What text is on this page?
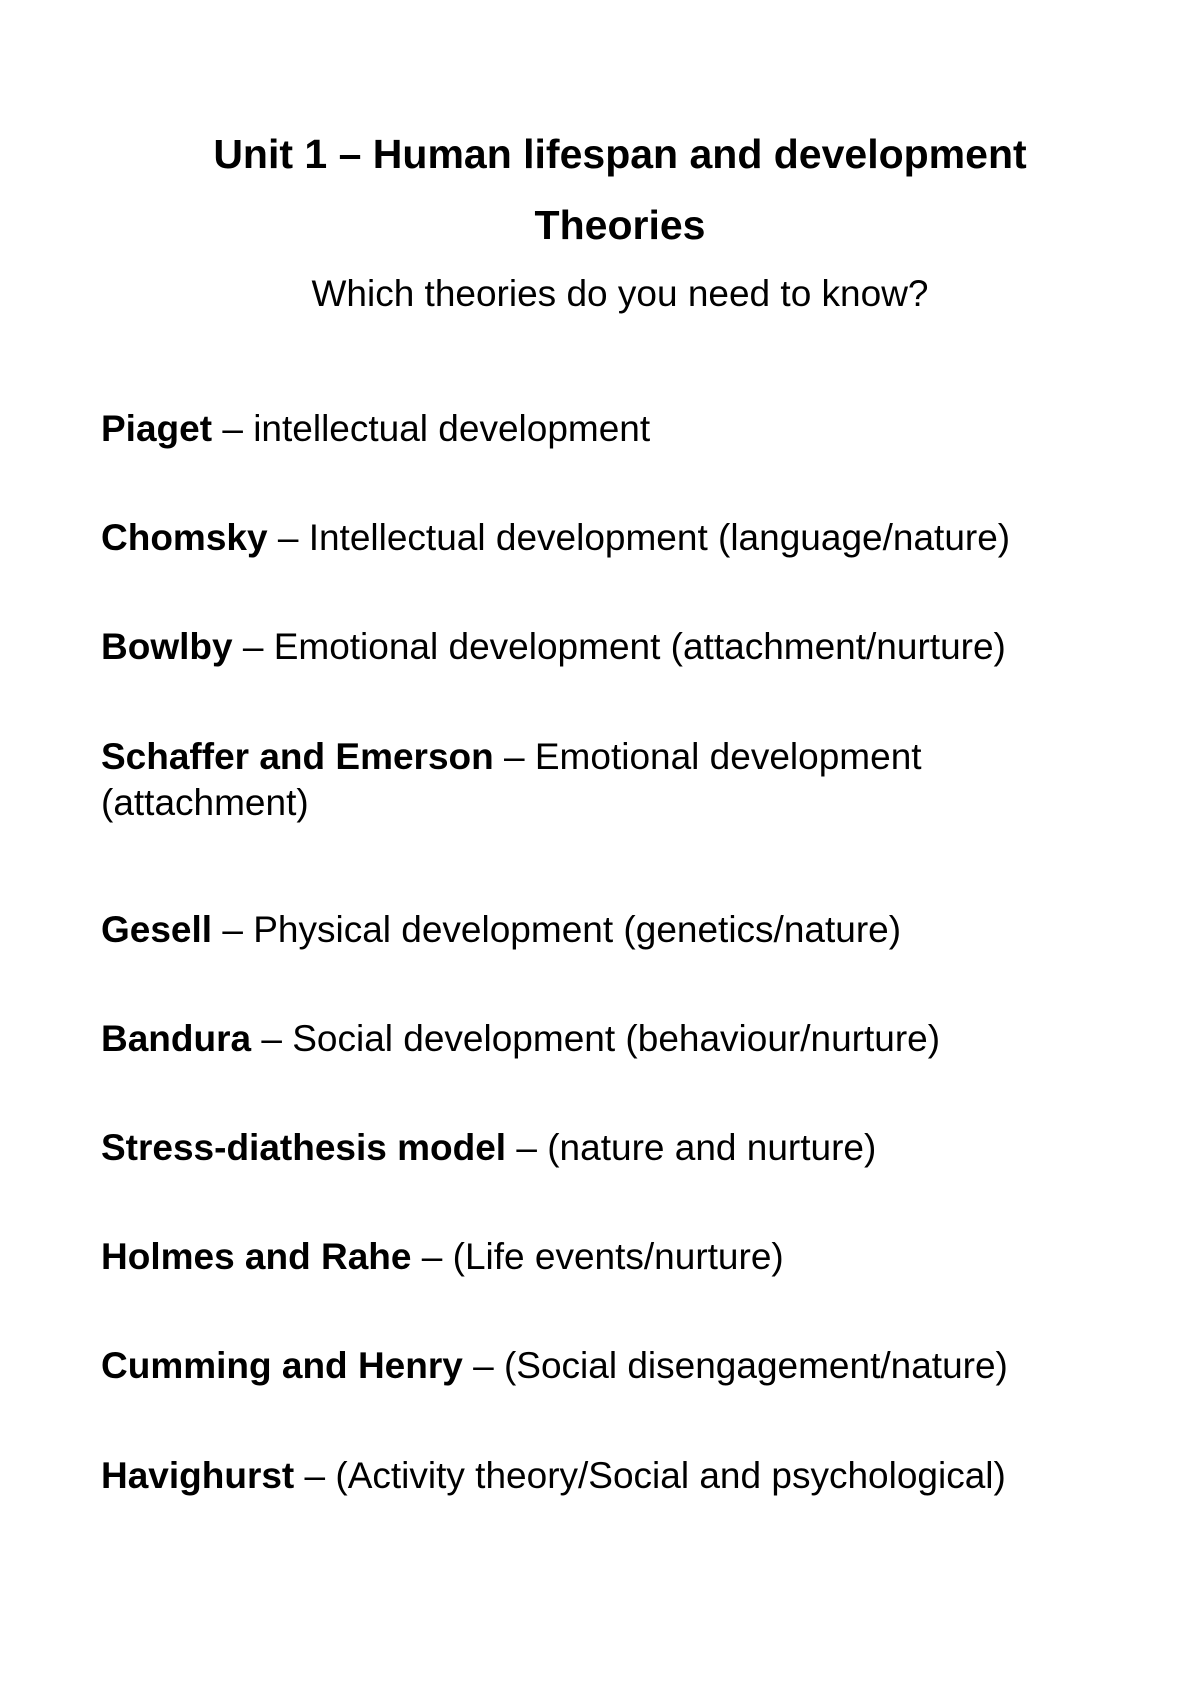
Unit 1 – Human lifespan and development
Theories
Which theories do you need to know?
Piaget – intellectual development
Chomsky – Intellectual development (language/nature)
Bowlby – Emotional development (attachment/nurture)
Schaffer and Emerson – Emotional development (attachment)
Gesell – Physical development (genetics/nature)
Bandura – Social development (behaviour/nurture)
Stress-diathesis model – (nature and nurture)
Holmes and Rahe – (Life events/nurture)
Cumming and Henry – (Social disengagement/nature)
Havighurst – (Activity theory/Social and psychological)
